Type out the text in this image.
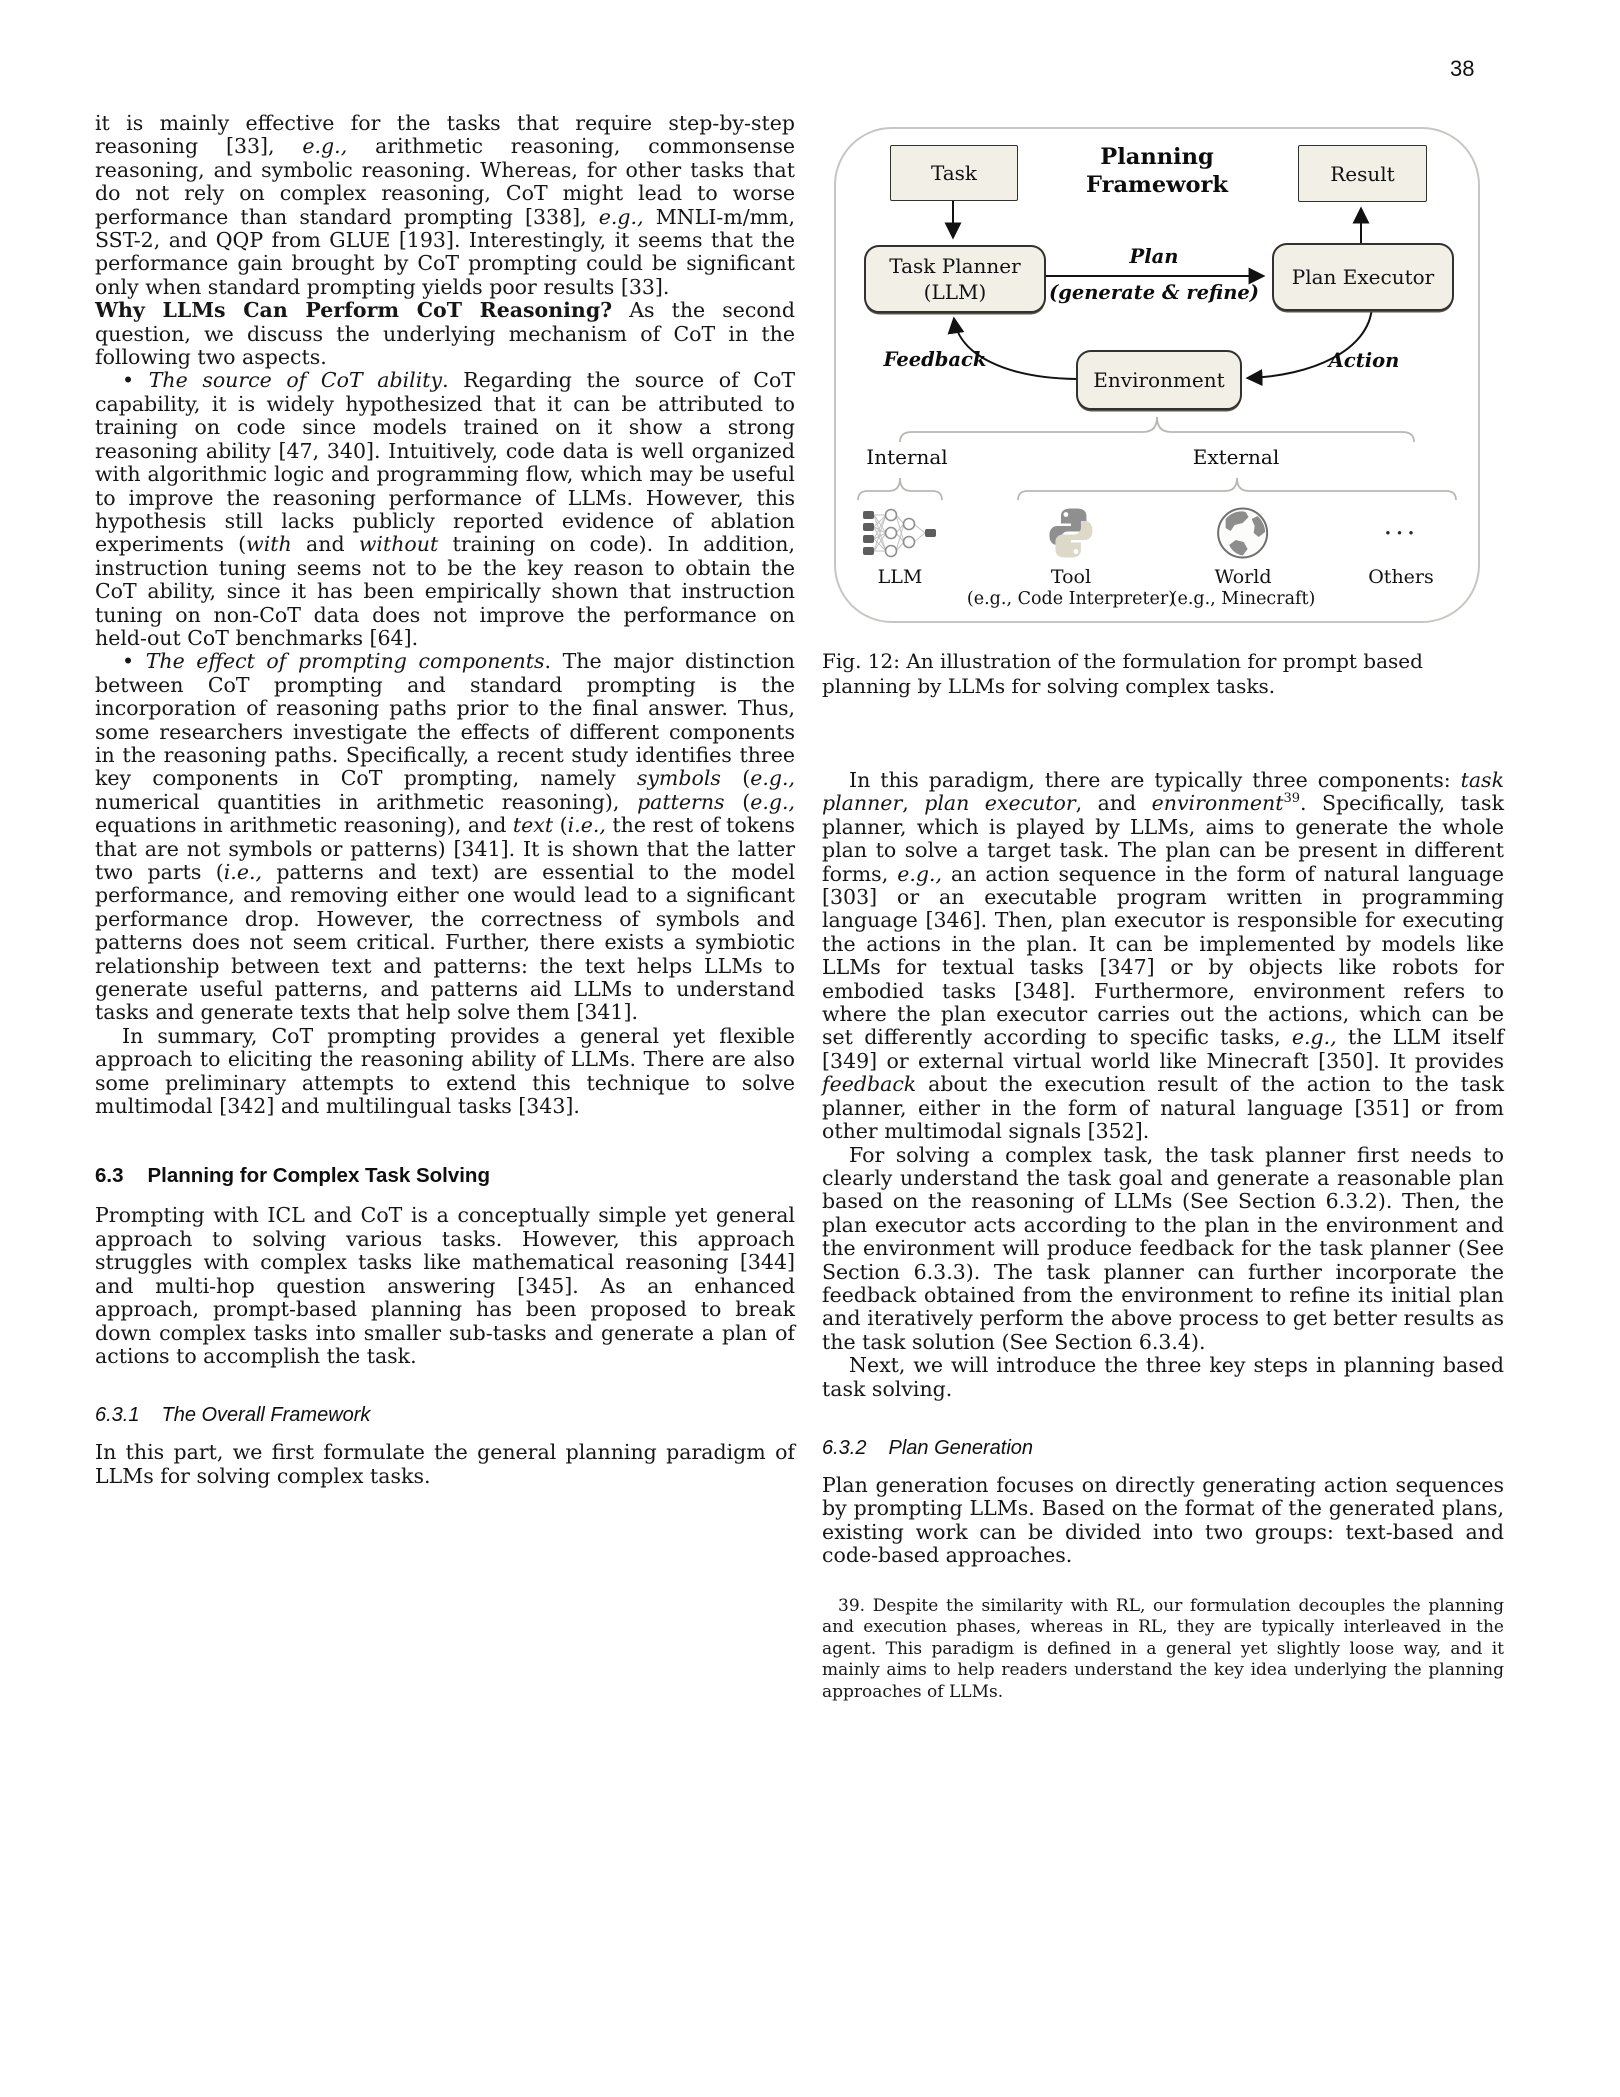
38

it is mainly effective for the tasks that require step-by-step reasoning [33], e.g., arithmetic reasoning, commonsense reasoning, and symbolic reasoning. Whereas, for other tasks that do not rely on complex reasoning, CoT might lead to worse performance than standard prompting [338], e.g., MNLI-m/mm, SST-2, and QQP from GLUE [193]. Interestingly, it seems that the performance gain brought by CoT prompting could be significant only when standard prompting yields poor results [33].

Why LLMs Can Perform CoT Reasoning? As the second question, we discuss the underlying mechanism of CoT in the following two aspects.

• The source of CoT ability. Regarding the source of CoT capability, it is widely hypothesized that it can be attributed to training on code since models trained on it show a strong reasoning ability [47, 340]. Intuitively, code data is well organized with algorithmic logic and programming flow, which may be useful to improve the reasoning performance of LLMs. However, this hypothesis still lacks publicly reported evidence of ablation experiments (with and without training on code). In addition, instruction tuning seems not to be the key reason to obtain the CoT ability, since it has been empirically shown that instruction tuning on non-CoT data does not improve the performance on held-out CoT benchmarks [64].

• The effect of prompting components. The major distinction between CoT prompting and standard prompting is the incorporation of reasoning paths prior to the final answer. Thus, some researchers investigate the effects of different components in the reasoning paths. Specifically, a recent study identifies three key components in CoT prompting, namely symbols (e.g., numerical quantities in arithmetic reasoning), patterns (e.g., equations in arithmetic reasoning), and text (i.e., the rest of tokens that are not symbols or patterns) [341]. It is shown that the latter two parts (i.e., patterns and text) are essential to the model performance, and removing either one would lead to a significant performance drop. However, the correctness of symbols and patterns does not seem critical. Further, there exists a symbiotic relationship between text and patterns: the text helps LLMs to generate useful patterns, and patterns aid LLMs to understand tasks and generate texts that help solve them [341].

In summary, CoT prompting provides a general yet flexible approach to eliciting the reasoning ability of LLMs. There are also some preliminary attempts to extend this technique to solve multimodal [342] and multilingual tasks [343].

6.3 Planning for Complex Task Solving

Prompting with ICL and CoT is a conceptually simple yet general approach to solving various tasks. However, this approach struggles with complex tasks like mathematical reasoning [344] and multi-hop question answering [345]. As an enhanced approach, prompt-based planning has been proposed to break down complex tasks into smaller sub-tasks and generate a plan of actions to accomplish the task.

6.3.1 The Overall Framework

In this part, we first formulate the general planning paradigm of LLMs for solving complex tasks.

Planning
Framework
Task	Result
Task Planner
(LLM)
Plan Executor
Environment
Plan
(generate & refine)
Feedback	Action
Internal	External
LLM	Tool
(e.g., Code Interpreter)
World
(e.g., Minecraft)
···
Others

Fig. 12: An illustration of the formulation for prompt based planning by LLMs for solving complex tasks.

In this paradigm, there are typically three components: task planner, plan executor, and environment$^{39}$. Specifically, task planner, which is played by LLMs, aims to generate the whole plan to solve a target task. The plan can be present in different forms, e.g., an action sequence in the form of natural language [303] or an executable program written in programming language [346]. Then, plan executor is responsible for executing the actions in the plan. It can be implemented by models like LLMs for textual tasks [347] or by objects like robots for embodied tasks [348]. Furthermore, environment refers to where the plan executor carries out the actions, which can be set differently according to specific tasks, e.g., the LLM itself [349] or external virtual world like Minecraft [350]. It provides feedback about the execution result of the action to the task planner, either in the form of natural language [351] or from other multimodal signals [352].

For solving a complex task, the task planner first needs to clearly understand the task goal and generate a reasonable plan based on the reasoning of LLMs (See Section 6.3.2). Then, the plan executor acts according to the plan in the environment and the environment will produce feedback for the task planner (See Section 6.3.3). The task planner can further incorporate the feedback obtained from the environment to refine its initial plan and iteratively perform the above process to get better results as the task solution (See Section 6.3.4).

Next, we will introduce the three key steps in planning based task solving.

6.3.2 Plan Generation

Plan generation focuses on directly generating action sequences by prompting LLMs. Based on the format of the generated plans, existing work can be divided into two groups: text-based and code-based approaches.

39. Despite the similarity with RL, our formulation decouples the planning and execution phases, whereas in RL, they are typically interleaved in the agent. This paradigm is defined in a general yet slightly loose way, and it mainly aims to help readers understand the key idea underlying the planning approaches of LLMs.
